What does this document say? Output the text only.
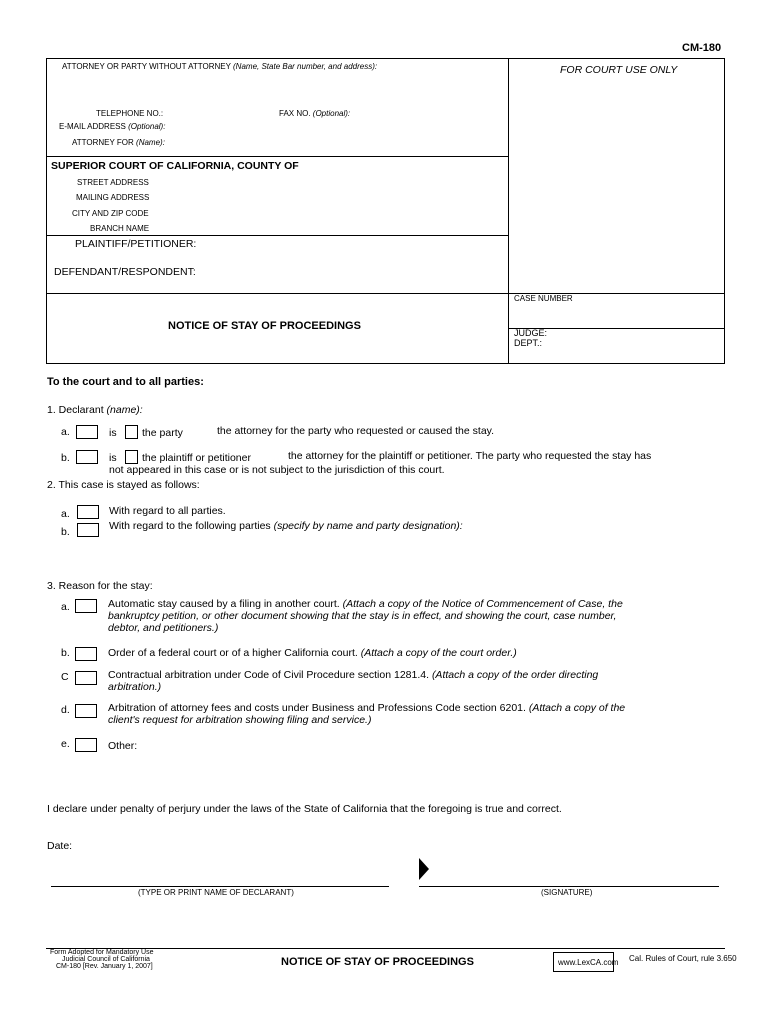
CM-180
ATTORNEY OR PARTY WITHOUT ATTORNEY (Name, State Bar number, and address):	FOR COURT USE ONLY
TELEPHONE NO.:	FAX NO. (Optional):
E-MAIL ADDRESS (Optional):
ATTORNEY FOR (Name):
SUPERIOR COURT OF CALIFORNIA, COUNTY OF
STREET ADDRESS
MAILING ADDRESS
CITY AND ZIP CODE
BRANCH NAME
PLAINTIFF/PETITIONER:
DEFENDANT/RESPONDENT:
NOTICE OF STAY OF PROCEEDINGS
CASE NUMBER
JUDGE:
DEPT.:
To the court and to all parties:
1. Declarant (name):
a.	is the party	the attorney for the party who requested or caused the stay.
b.	is the plaintiff or petitioner	the attorney for the plaintiff or petitioner. The party who requested the stay has
not appeared in this case or is not subject to the jurisdiction of this court.
2. This case is stayed as follows:
a.	With regard to all parties.
b.	With regard to the following parties (specify by name and party designation):
3. Reason for the stay:
a.	Automatic stay caused by a filing in another court. (Attach a copy of the Notice of Commencement of Case, the
bankruptcy petition, or other document showing that the stay is in effect, and showing the court, case number,
debtor, and petitioners.)
b.	Order of a federal court or of a higher California court. (Attach a copy of the court order.)
C	Contractual arbitration under Code of Civil Procedure section 1281.4. (Attach a copy of the order directing
arbitration.)
d.	Arbitration of attorney fees and costs under Business and Professions Code section 6201. (Attach a copy of the
client's request for arbitration showing filing and service.)
e.	Other:
I declare under penalty of perjury under the laws of the State of California that the foregoing is true and correct.
Date:
(TYPE OR PRINT NAME OF DECLARANT)	(SIGNATURE)
Form Adopted for Mandatory Use
Judicial Council of California
CM-180 [Rev. January 1, 2007]	NOTICE OF STAY OF PROCEEDINGS	www.LexCA.com Cal. Rules of Court, rule 3.650
